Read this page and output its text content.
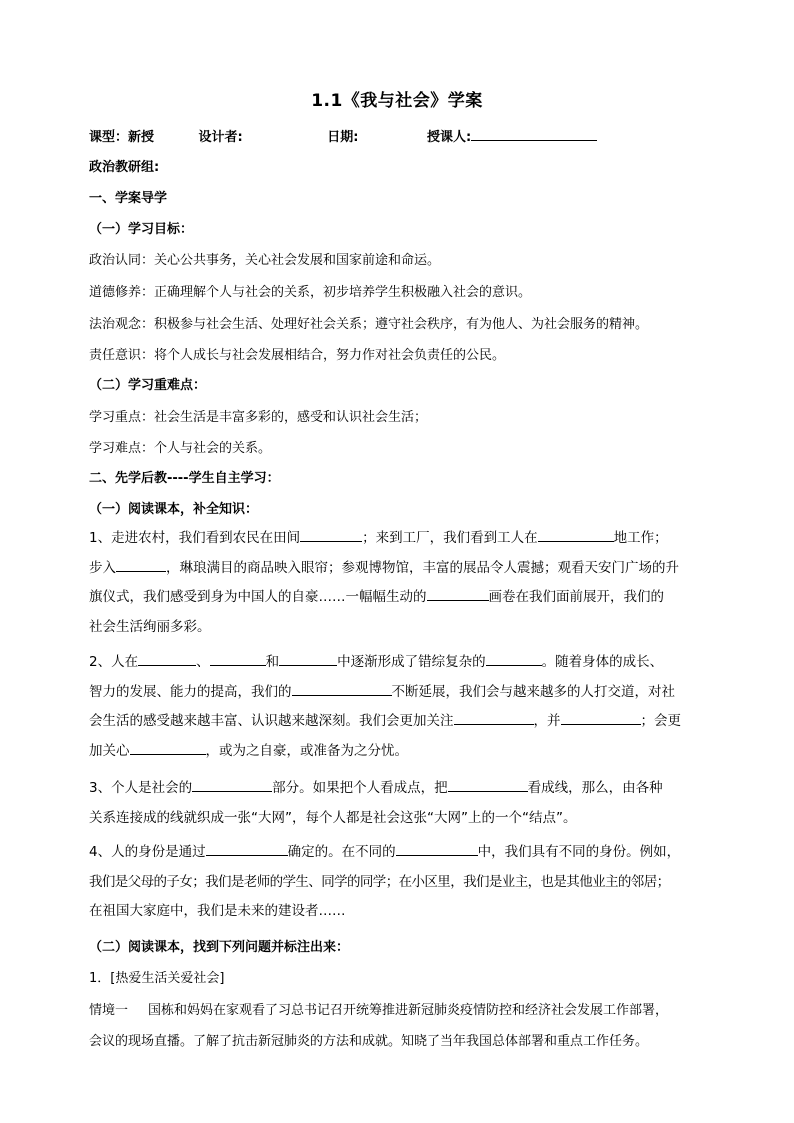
1.1《我与社会》学案
课型：新授	设计者:	日期:	授课人:
政治教研组:
一、学案导学
（一）学习目标：
政治认同：关心公共事务，关心社会发展和国家前途和命运。
道德修养：正确理解个人与社会的关系，初步培养学生积极融入社会的意识。
法治观念：积极参与社会生活、处理好社会关系；遵守社会秩序，有为他人、为社会服务的精神。
责任意识：将个人成长与社会发展相结合，努力作对社会负责任的公民。
（二）学习重难点：
学习重点：社会生活是丰富多彩的，感受和认识社会生活；
学习难点：个人与社会的关系。
二、先学后教----学生自主学习：
（一）阅读课本，补全知识：
1、走进农村，我们看到农民在田间	；来到工厂，我们看到工人在	地工作；
步入	，琳琅满目的商品映入眼帘；参观博物馆，丰富的展品令人震撼；观看天安门广场的升
旗仪式，我们感受到身为中国人的自豪……一幅幅生动的	画卷在我们面前展开，我们的
社会生活绚丽多彩。
2、人在	、	和	中逐渐形成了错综复杂的	。随着身体的成长、
智力的发展、能力的提高，我们的	不断延展，我们会与越来越多的人打交道，对社
会生活的感受越来越丰富、认识越来越深刻。我们会更加关注	，并	；会更
加关心	，或为之自豪，或准备为之分忧。
3、个人是社会的	部分。如果把个人看成点，把	看成线，那么，由各种
关系连接成的线就织成一张“大网”，每个人都是社会这张“大网”上的一个“结点”。
4、人的身份是通过	确定的。在不同的	中，我们具有不同的身份。例如，
我们是父母的子女；我们是老师的学生、同学的同学；在小区里，我们是业主，也是其他业主的邻居；
在祖国大家庭中，我们是未来的建设者……
（二）阅读课本，找到下列问题并标注出来：
1．[热爱生活关爱社会]
情境一 国栋和妈妈在家观看了习总书记召开统筹推进新冠肺炎疫情防控和经济社会发展工作部署，
会议的现场直播。了解了抗击新冠肺炎的方法和成就。知晓了当年我国总体部署和重点工作任务。
